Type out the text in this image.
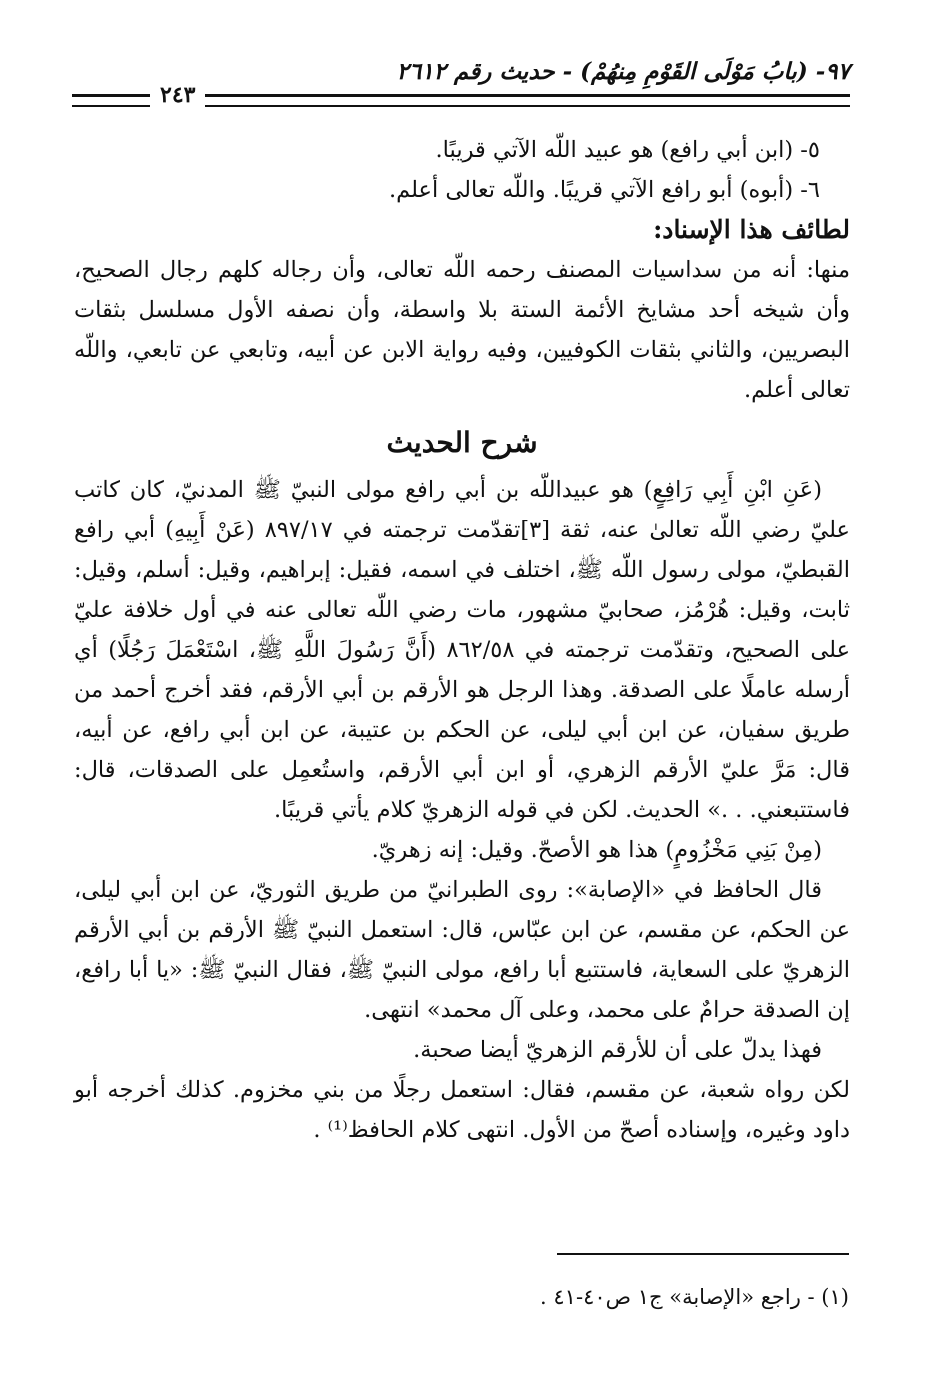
٩٧- (بابُ مَوْلَى القَوْمِ مِنهُمْ) - حديث رقم ٢٦١٢
٢٤٣

٥- (ابن أبي رافع) هو عبيد اللّه الآتي قريبًا.

٦- (أبوه) أبو رافع الآتي قريبًا. واللّه تعالى أعلم.

لطائف هذا الإسناد:

منها: أنه من سداسيات المصنف رحمه اللّه تعالى، وأن رجاله كلهم رجال الصحيح، وأن شيخه أحد مشايخ الأئمة الستة بلا واسطة، وأن نصفه الأول مسلسل بثقات البصريين، والثاني بثقات الكوفيين، وفيه رواية الابن عن أبيه، وتابعي عن تابعي، واللّه تعالى أعلم.

شرح الحديث

(عَنِ ابْنِ أَبِي رَافِعٍ) هو عبيداللّه بن أبي رافع مولى النبيّ ﷺ المدنيّ، كان كاتب عليّ رضي اللّه تعالىٰ عنه، ثقة [٣]تقدّمت ترجمته في ٨٩٧/١٧ (عَنْ أَبِيهِ) أبي رافع القبطيّ، مولى رسول اللّه ﷺ، اختلف في اسمه، فقيل: إبراهيم، وقيل: أسلم، وقيل: ثابت، وقيل: هُرْمُز، صحابيّ مشهور، مات رضي اللّه تعالى عنه في أول خلافة عليّ على الصحيح، وتقدّمت ترجمته في ٨٦٢/٥٨ (أَنَّ رَسُولَ اللَّهِ ﷺ، اسْتَعْمَلَ رَجُلًا) أي أرسله عاملًا على الصدقة. وهذا الرجل هو الأرقم بن أبي الأرقم، فقد أخرج أحمد من طريق سفيان، عن ابن أبي ليلى، عن الحكم بن عتيبة، عن ابن أبي رافع، عن أبيه، قال: مَرَّ عليّ الأرقم الزهري، أو ابن أبي الأرقم، واستُعمِل على الصدقات، قال: فاستتبعني. . .» الحديث. لكن في قوله الزهريّ كلام يأتي قريبًا.

(مِنْ بَنِي مَخْزُومٍ) هذا هو الأصحّ. وقيل: إنه زهريّ.

قال الحافظ في «الإصابة»: روى الطبرانيّ من طريق الثوريّ، عن ابن أبي ليلى، عن الحكم، عن مقسم، عن ابن عبّاس، قال: استعمل النبيّ ﷺ الأرقم بن أبي الأرقم الزهريّ على السعاية، فاستتبع أبا رافع، مولى النبيّ ﷺ، فقال النبيّ ﷺ: «يا أبا رافع، إن الصدقة حرامٌ على محمد، وعلى آل محمد» انتهى.

فهذا يدلّ على أن للأرقم الزهريّ أيضا صحبة.

لكن رواه شعبة، عن مقسم، فقال: استعمل رجلًا من بني مخزوم. كذلك أخرجه أبو داود وغيره، وإسناده أصحّ من الأول. انتهى كلام الحافظ⁽¹⁾ .

(١) - راجع «الإصابة» ج١ ص٤٠-٤١ .
